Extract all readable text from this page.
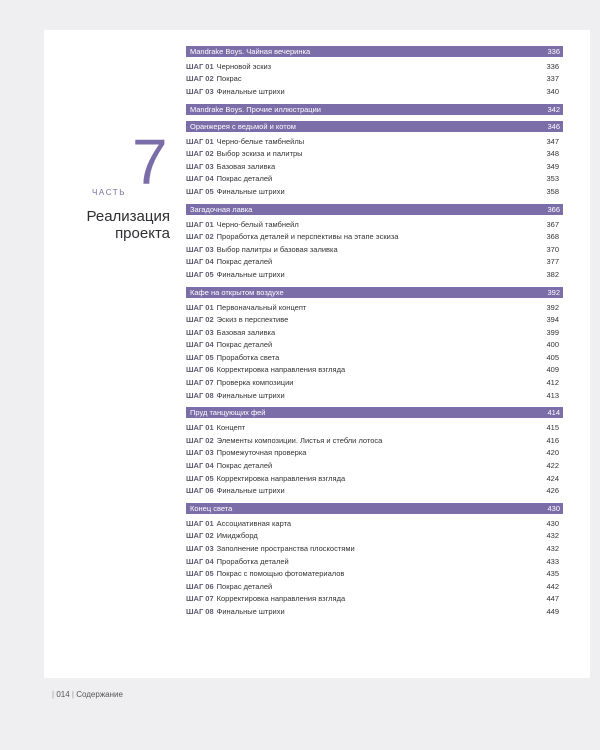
7
ЧАСТЬ
Реализация
проекта
Mandrake Boys. Чайная вечеринка	336
ШАГ 01 Черновой эскиз	336
ШАГ 02 Покрас	337
ШАГ 03 Финальные штрихи	340
Mandrake Boys. Прочие иллюстрации	342
Оранжерея с ведьмой и котом	346
ШАГ 01 Черно-белые тамбнейлы	347
ШАГ 02 Выбор эскиза и палитры	348
ШАГ 03 Базовая заливка	349
ШАГ 04 Покрас деталей	353
ШАГ 05 Финальные штрихи	358
Загадочная лавка	366
ШАГ 01 Черно-белый тамбнейл	367
ШАГ 02 Проработка деталей и перспективы на этапе эскиза	368
ШАГ 03 Выбор палитры и базовая заливка	370
ШАГ 04 Покрас деталей	377
ШАГ 05 Финальные штрихи	382
Кафе на открытом воздухе	392
ШАГ 01 Первоначальный концепт	392
ШАГ 02 Эскиз в перспективе	394
ШАГ 03 Базовая заливка	399
ШАГ 04 Покрас деталей	400
ШАГ 05 Проработка света	405
ШАГ 06 Корректировка направления взгляда	409
ШАГ 07 Проверка композиции	412
ШАГ 08 Финальные штрихи	413
Пруд танцующих фей	414
ШАГ 01 Концепт	415
ШАГ 02 Элементы композиции. Листья и стебли лотоса	416
ШАГ 03 Промежуточная проверка	420
ШАГ 04 Покрас деталей	422
ШАГ 05 Корректировка направления взгляда	424
ШАГ 06 Финальные штрихи	426
Конец света	430
ШАГ 01 Ассоциативная карта	430
ШАГ 02 Имиджборд	432
ШАГ 03 Заполнение пространства плоскостями	432
ШАГ 04 Проработка деталей	433
ШАГ 05 Покрас с помощью фотоматериалов	435
ШАГ 06 Покрас деталей	442
ШАГ 07 Корректировка направления взгляда	447
ШАГ 08 Финальные штрихи	449
| 014 | Содержание
